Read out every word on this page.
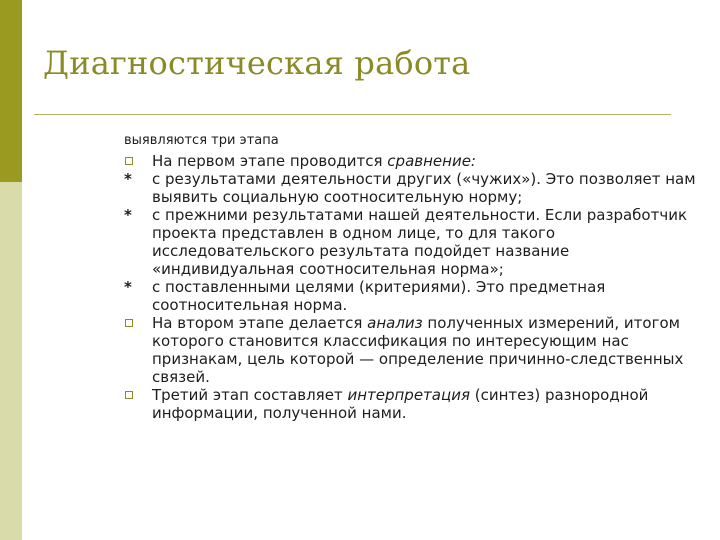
Диагностическая работа

выявляются три этапа

На первом этапе проводится сравнение:

* с результатами деятельности других («чужих»). Это позволяет нам выявить социальную соотносительную норму;

* с прежними результатами нашей деятельности. Если разработчик проекта представлен в одном лице, то для такого исследовательского результата подойдет название «индивидуальная соотносительная норма»;

* с поставленными целями (критериями). Это предметная соотносительная норма.

На втором этапе делается анализ полученных измерений, итогом которого становится классификация по интересующим нас признакам, цель которой — определение причинно-следственных связей.

Третий этап составляет интерпретация (синтез) разнородной информации, полученной нами.
